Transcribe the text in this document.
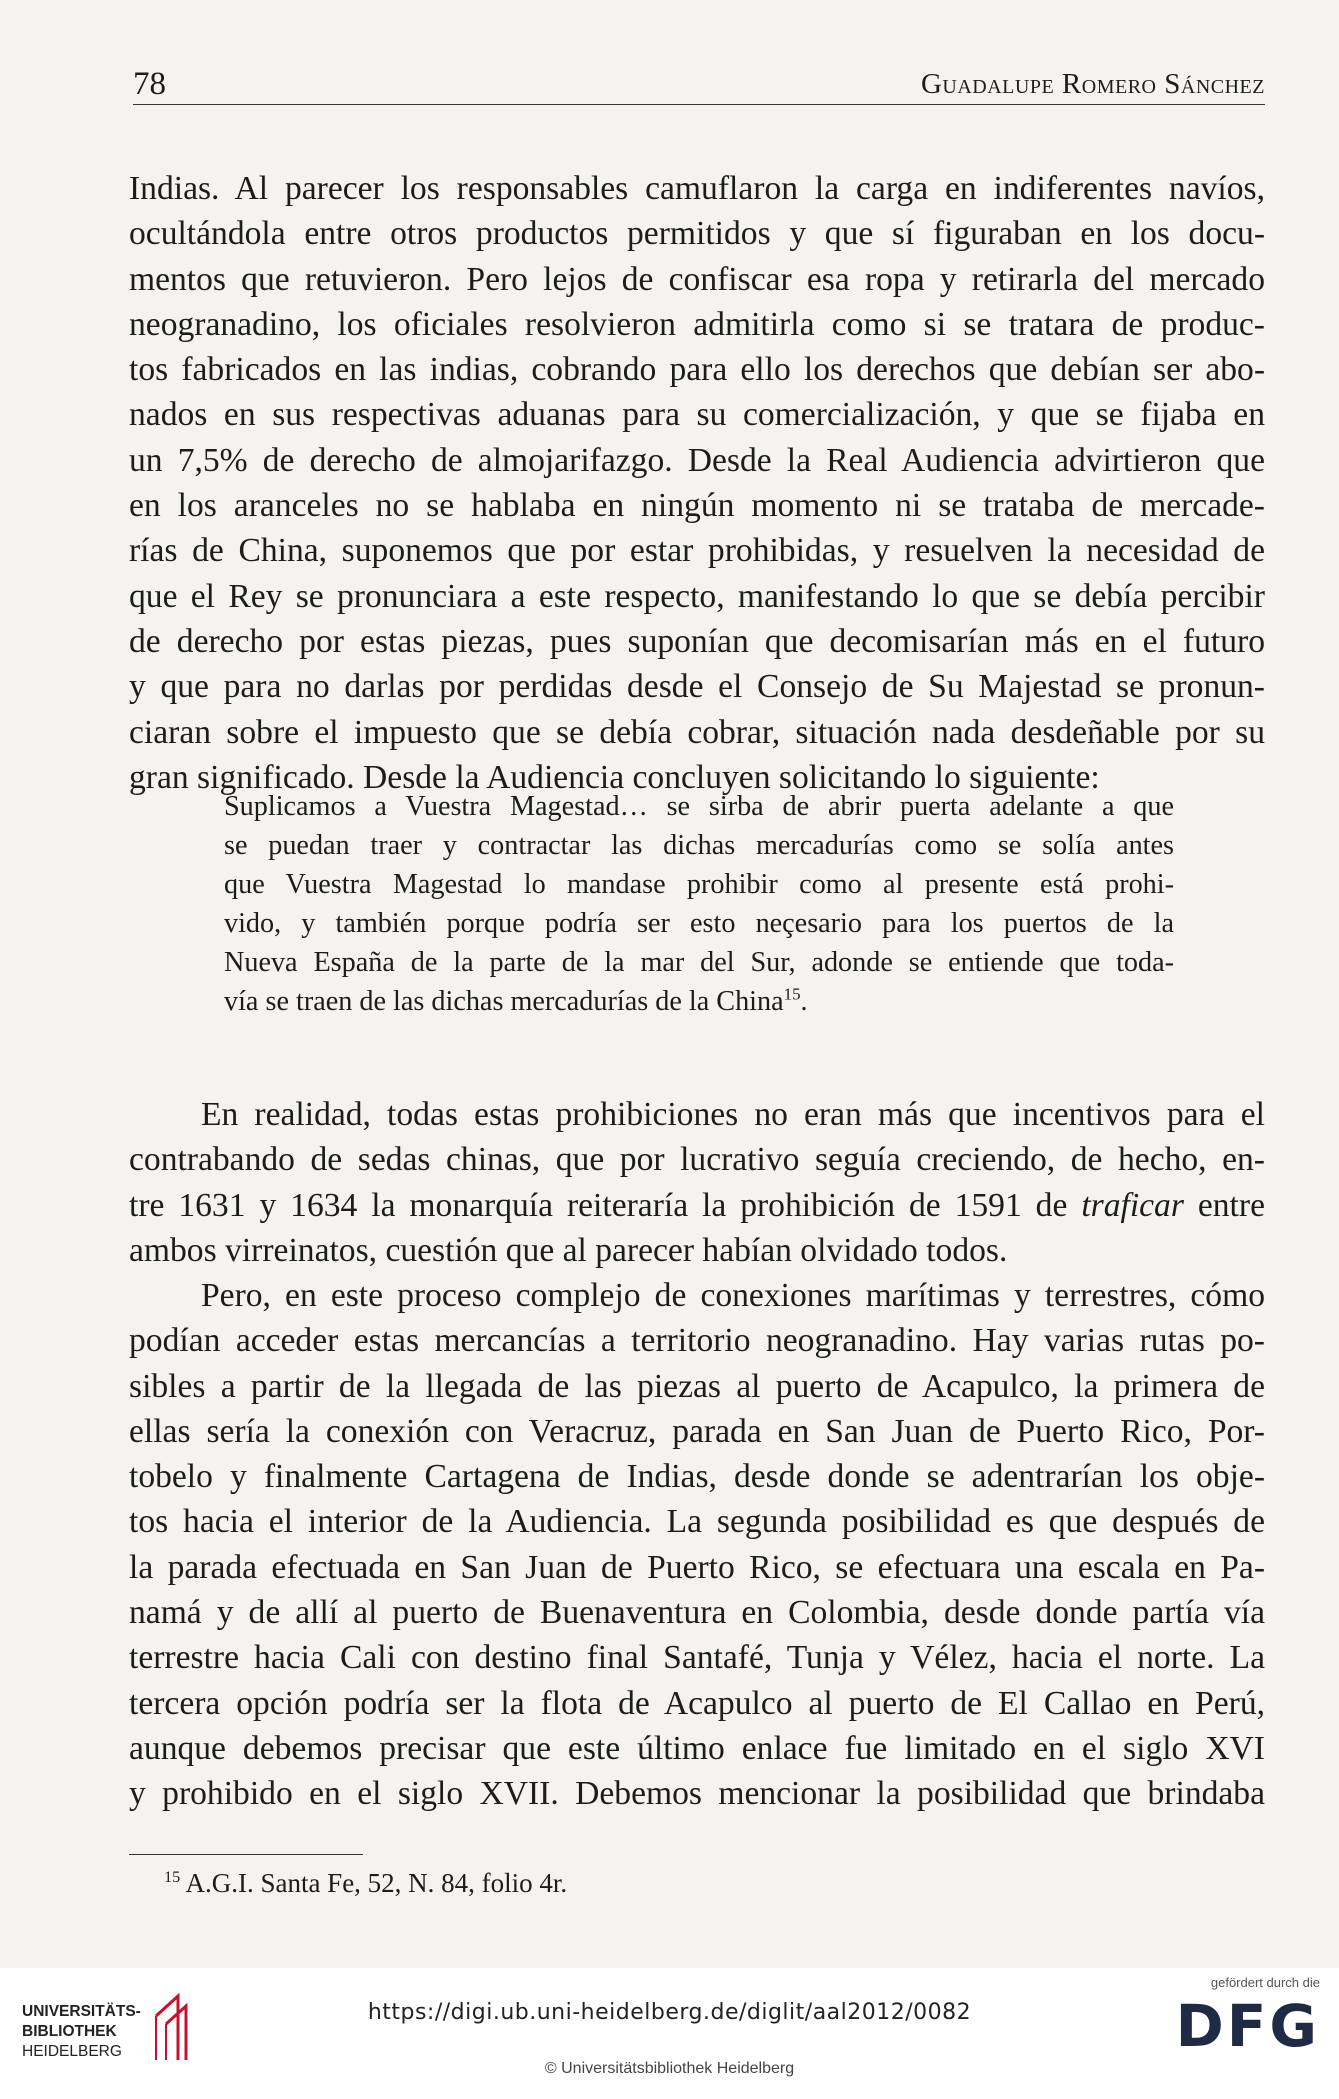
78	Guadalupe Romero Sánchez

Indias. Al parecer los responsables camuflaron la carga en indiferentes navíos,
ocultándola entre otros productos permitidos y que sí figuraban en los docu-
mentos que retuvieron. Pero lejos de confiscar esa ropa y retirarla del mercado
neogranadino, los oficiales resolvieron admitirla como si se tratara de produc-
tos fabricados en las indias, cobrando para ello los derechos que debían ser abo-
nados en sus respectivas aduanas para su comercialización, y que se fijaba en
un 7,5% de derecho de almojarifazgo. Desde la Real Audiencia advirtieron que
en los aranceles no se hablaba en ningún momento ni se trataba de mercade-
rías de China, suponemos que por estar prohibidas, y resuelven la necesidad de
que el Rey se pronunciara a este respecto, manifestando lo que se debía percibir
de derecho por estas piezas, pues suponían que decomisarían más en el futuro
y que para no darlas por perdidas desde el Consejo de Su Majestad se pronun-
ciaran sobre el impuesto que se debía cobrar, situación nada desdeñable por su
gran significado. Desde la Audiencia concluyen solicitando lo siguiente:

Suplicamos a Vuestra Magestad… se sirba de abrir puerta adelante a que
se puedan traer y contractar las dichas mercadurías como se solía antes
que Vuestra Magestad lo mandase prohibir como al presente está prohi-
vido, y también porque podría ser esto neçesario para los puertos de la
Nueva España de la parte de la mar del Sur, adonde se entiende que toda-
vía se traen de las dichas mercadurías de la China$^{15}$.

En realidad, todas estas prohibiciones no eran más que incentivos para el
contrabando de sedas chinas, que por lucrativo seguía creciendo, de hecho, en-
tre 1631 y 1634 la monarquía reiteraría la prohibición de 1591 de traficar entre
ambos virreinatos, cuestión que al parecer habían olvidado todos.

Pero, en este proceso complejo de conexiones marítimas y terrestres, cómo
podían acceder estas mercancías a territorio neogranadino. Hay varias rutas po-
sibles a partir de la llegada de las piezas al puerto de Acapulco, la primera de
ellas sería la conexión con Veracruz, parada en San Juan de Puerto Rico, Por-
tobelo y finalmente Cartagena de Indias, desde donde se adentrarían los obje-
tos hacia el interior de la Audiencia. La segunda posibilidad es que después de
la parada efectuada en San Juan de Puerto Rico, se efectuara una escala en Pa-
namá y de allí al puerto de Buenaventura en Colombia, desde donde partía vía
terrestre hacia Cali con destino final Santafé, Tunja y Vélez, hacia el norte. La
tercera opción podría ser la flota de Acapulco al puerto de El Callao en Perú,
aunque debemos precisar que este último enlace fue limitado en el siglo XVI
y prohibido en el siglo XVII. Debemos mencionar la posibilidad que brindaba

$^{15}$ A.G.I. Santa Fe, 52, N. 84, folio 4r.
UNIVERSITÄTS-
BIBLIOTHEK
HEIDELBERG
https://digi.ub.uni-heidelberg.de/diglit/aal2012/0082
© Universitätsbibliothek Heidelberg
gefördert durch die
DFG
